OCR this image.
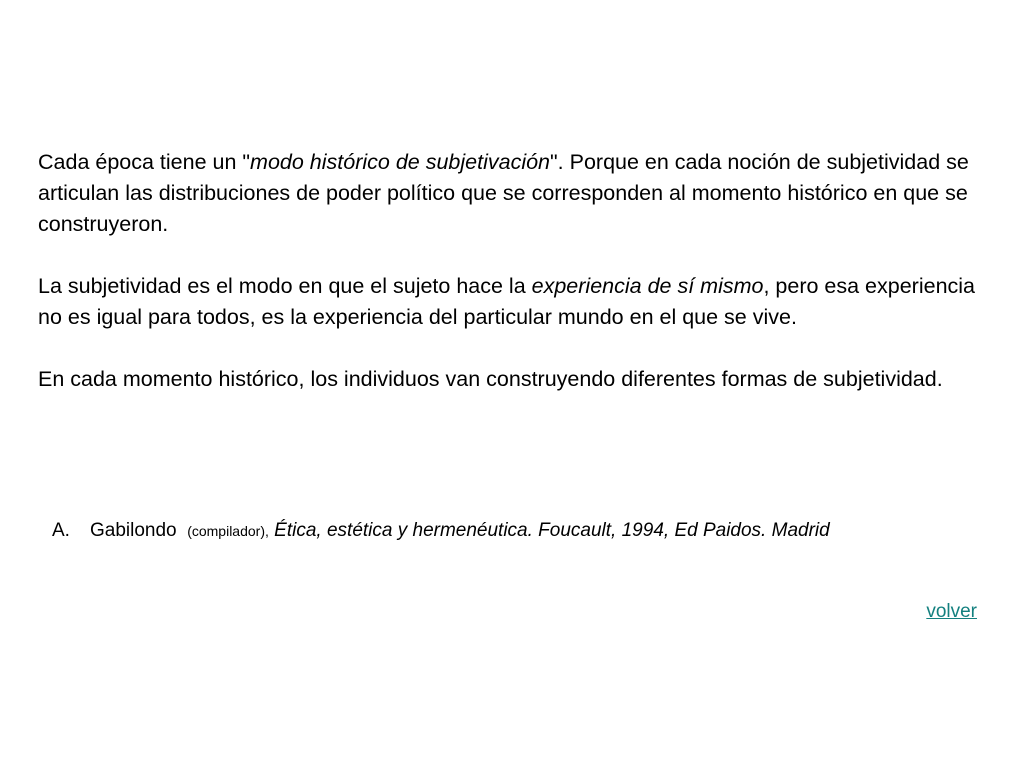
Cada época tiene un "modo histórico de subjetivación". Porque en cada noción de subjetividad se articulan las distribuciones de poder político que se corresponden al momento histórico en que se construyeron.

La subjetividad es el modo en que el sujeto hace la experiencia de sí mismo, pero esa experiencia no es igual para todos, es la experiencia del particular mundo en el que se vive.

En cada momento histórico, los individuos van construyendo diferentes formas de subjetividad.

A. Gabilondo (compilador), Ética, estética y hermenéutica. Foucault, 1994, Ed Paidos. Madrid
volver
